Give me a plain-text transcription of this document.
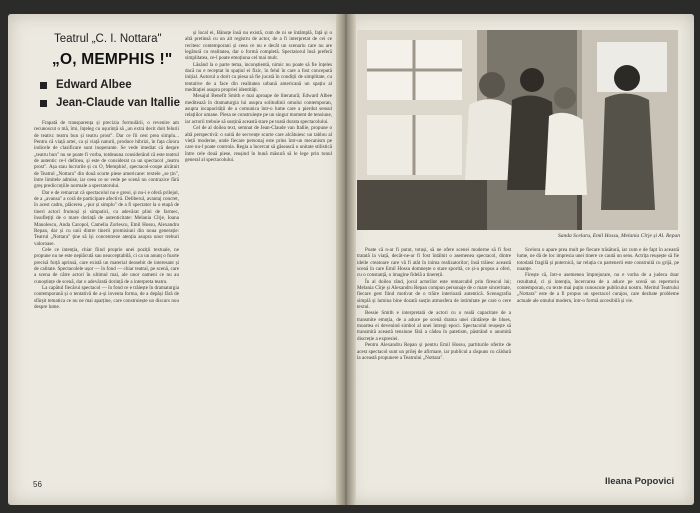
Teatrul „C. I. Nottara"
„O, MEMPHIS !"
Edward Albee
Jean-Claude van Itallie

Frapată de transparența și precizia formulării, o revenire am recunoscut o mă, îmi, înțeleg cu ușurință să „un extrá decit doit felurii de teatru: teatru bun și teatru prost". Dar ce fii cest prea simplu... Pentru că viață artei, ca și viață naturii, produce hibrizi, în fața cărora indicele de clasificare sunt inoperante. Se vede imediat că despre „teatru bun" nu se poate fi vorba, totdeauna considerând că este teatrul de autentic ce-l definea, și este de considerat ca un spectacol „teatru prost". Așa stau lucrurile și cu O, Memphis!, spectacol-coupe alcătuit de Teatrul „Nottara" din două scurte piese americane: textele „se țin", între limitele admise, iar ceea ce se vede pe scenă nu contrazice fără greș prediccoțiile normale a spectatorului.

Dar e de remarcat că spectacolul nu e greoi, și nu-i e oferă prilejul, de a „avansa" a coră de participare afectivă. Deliberul, avantaj concret, în acest cadru, plăcerea „-pur și simplu" de a fi spectator la o etapă de tineri actori frumoși și simpatici, cu adevărat plini de farmec, însuflețiți de o mare dorință de autenticitate: Melania Cîrje, Ioana Manolescu, Anda Caropol, Camelia Zorlescu, Emil Hossu, Alexandru Repan, dar și cu unii dintre tinerii promisiuni din noua generație: Teatrul „Nottara" ține să își concentreze atenția asupra unor treburi valoroase.

Cele ce intenția, chiar fiind proprie unei poziții textuale, ne propune nu ne este neplăcută sau neacceptabilă, ci ca un anunț o foarte precisă forță aprinsă, care există un material deosebit de interesant și de calitate. Spectacolele ușor — în fond — chiar teatral, pe scenă, care a scena de către actori în ultimul mai, ale unor oameni ce nu au cunoștințe de scenă, dar o adevărată dorință de a interpreta teatru.

La capătul fiecărui spectacol — în fond ce e trăiește în dramaturgia contemporană și o tentativă de a-și inventa forma, de a depăși fără de sfârșit tematica ce nu ne mai aparține, care construiește un discurs nou despre lume.

și local ei, Bănuțe însă nu există, cum de ni se întâmplă, față și o altă pretinsă cu un alt registru de actor, de a fi interpretat de cei ce recitesc contemporani și ceea ce nu e decât un scenariu care nu are legătură cu realitatea, dar o formă completă. Spectatorul însă preferă simplitatea, ce-l poate emoționa cel mai mult.

Lăsând la o parte tema, inconștientă, nimic nu poate să fie înțeles dacă nu e receptat în spațiul ei fizic, în felul în care a fost concepută inițial. Autorul a dorit ca piesa să fie jucată în condiții de simplitate, cu tentative de a face din realitatea urbană americană un spațiu al meditației asupra propriei identități.

Mesajul Benefit Smith e mai aproape de literatură; Edward Albee meditează în dramaturgia lui asupra solitudinii omului contemporan, asupra incapacității de a comunica într-o lume care a pierdut sensul relațiilor umane. Piesa se construiește pe un singur moment de tensiune, iar actorii trebuie să susțină această stare pe toată durata spectacolului.

Cel de al doilea text, semnat de Jean-Claude van Itallie, propune o altă perspectivă: o suită de secvențe scurte care alcătuiesc un tablou al vieții moderne, unde fiecare personaj este prins într-un mecanism pe care nu-l poate controla. Regia a încercat să găsească o unitate stilistică între cele două piese, reușind în bună măsură să le lege prin tonul general al spectacolului.

56
Sanda Scelaru, Emil Hossu, Melania Cîrje și Al. Repan

Poate că n-ar fi putut, totuși, să ne ofere scenei moderne să fi fost tratată la viață, decât-ne-ar fi fost întâlnit o asemenea spectacol, dintre ideile creatoare care vă fi atât în inima realizatorilor; însă trăiesc această scenă în care Emil Hossu domnește o stare sporită, ce și-a propus a oferi, cu o constanță, o imagine fidelă a tinereții.

În al doilea rând, jocul actorilor este remarcabil prin firescul lui; Melania Cîrje și Alexandru Repan compun personaje de o mare sinceritate, fiecare gest fiind motivat de o trăire interioară autentică. Scenografia simplă și lumina bine dozată susțin atmosfera de intimitate pe care o cere textul.

Bessie Smith e interpretată de actori cu o reală capacitate de a transmite emoția, de a aduce pe scenă drama unei cântărețe de blues, moartea ei devenind simbol al unei întregi epoci. Spectacolul reușește să transmită această tensiune fără a cădea în patetism, păstrând o anumită discreție a expresiei.

Pentru Alexandru Repan și pentru Emil Hossu, partiturile oferite de acest spectacol sunt un prilej de afirmare, iar publicul a răspuns cu căldură la această propunere a Teatrului „Nottara".

Scelora o apare prea mult pe fiecare trăsătură, iar cum e de fapt în această lume, ne dă de loc impresia unei tinere ce caută un sens. Actrița reușește să fie totodată fragilă și puternică, iar relația cu partenerii este construită cu grijă, pe nuanțe.

Firește că, într-o asemenea împrejurare, nu e vorba de a judeca doar rezultatul, ci și intenția, încercarea de a aduce pe scenă un repertoriu contemporan, cu texte mai puțin cunoscute publicului nostru. Meritul Teatrului „Nottara" este de a fi propus un spectacol curajos, care dezbate probleme actuale ale omului modern, într-o formă accesibilă și vie.

Ileana Popovici
